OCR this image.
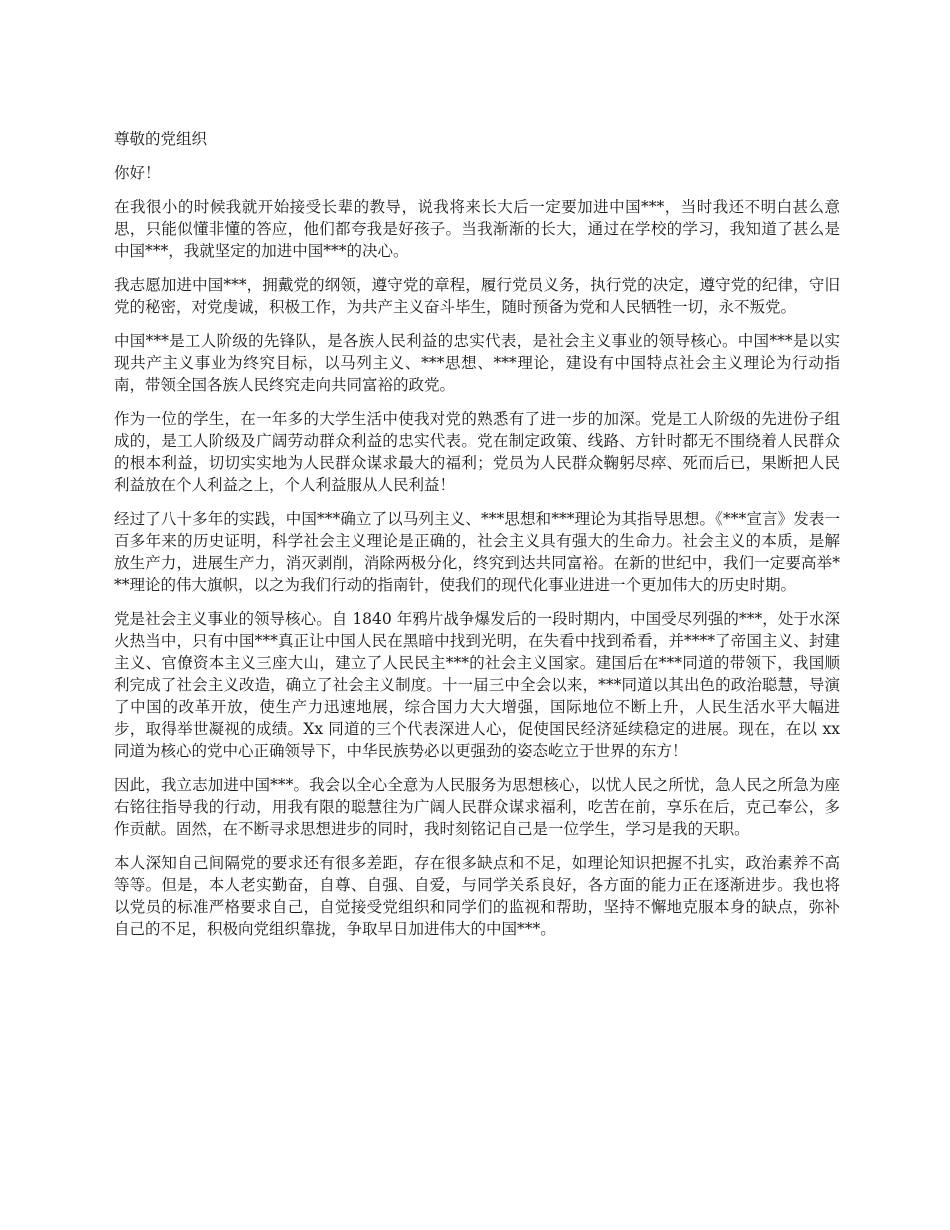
尊敬的党组织

你好！

在我很小的时候我就开始接受长辈的教导，说我将来长大后一定要加进中国***，当时我还不明白甚么意思，只能似懂非懂的答应，他们都夸我是好孩子。当我渐渐的长大，通过在学校的学习，我知道了甚么是中国***，我就坚定的加进中国***的决心。

我志愿加进中国***，拥戴党的纲领，遵守党的章程，履行党员义务，执行党的决定，遵守党的纪律，守旧党的秘密，对党虔诚，积极工作，为共产主义奋斗毕生，随时预备为党和人民牺牲一切，永不叛党。

中国***是工人阶级的先锋队，是各族人民利益的忠实代表，是社会主义事业的领导核心。中国***是以实现共产主义事业为终究目标，以马列主义、***思想、***理论，建设有中国特点社会主义理论为行动指南，带领全国各族人民终究走向共同富裕的政党。

作为一位的学生，在一年多的大学生活中使我对党的熟悉有了进一步的加深。党是工人阶级的先进份子组成的，是工人阶级及广阔劳动群众利益的忠实代表。党在制定政策、线路、方针时都无不围绕着人民群众的根本利益，切切实实地为人民群众谋求最大的福利；党员为人民群众鞠躬尽瘁、死而后已，果断把人民利益放在个人利益之上，个人利益服从人民利益！

经过了八十多年的实践，中国***确立了以马列主义、***思想和***理论为其指导思想。《***宣言》发表一百多年来的历史证明，科学社会主义理论是正确的，社会主义具有强大的生命力。社会主义的本质，是解放生产力，进展生产力，消灭剥削，消除两极分化，终究到达共同富裕。在新的世纪中，我们一定要高举***理论的伟大旗帜，以之为我们行动的指南针，使我们的现代化事业进进一个更加伟大的历史时期。

党是社会主义事业的领导核心。自 1840 年鸦片战争爆发后的一段时期内，中国受尽列强的***，处于水深火热当中，只有中国***真正让中国人民在黑暗中找到光明，在失看中找到希看，并****了帝国主义、封建主义、官僚资本主义三座大山，建立了人民民主***的社会主义国家。建国后在***同道的带领下，我国顺利完成了社会主义改造，确立了社会主义制度。十一届三中全会以来，***同道以其出色的政治聪慧，导演了中国的改革开放，使生产力迅速地展，综合国力大大增强，国际地位不断上升，人民生活水平大幅进步，取得举世凝视的成绩。Xx 同道的三个代表深进人心，促使国民经济延续稳定的进展。现在，在以 xx 同道为核心的党中心正确领导下，中华民族势必以更强劲的姿态屹立于世界的东方！

因此，我立志加进中国***。我会以全心全意为人民服务为思想核心，以忧人民之所忧，急人民之所急为座右铭往指导我的行动，用我有限的聪慧往为广阔人民群众谋求福利，吃苦在前，享乐在后，克己奉公，多作贡献。固然，在不断寻求思想进步的同时，我时刻铭记自己是一位学生，学习是我的天职。

本人深知自己间隔党的要求还有很多差距，存在很多缺点和不足，如理论知识把握不扎实，政治素养不高等等。但是，本人老实勤奋，自尊、自强、自爱，与同学关系良好，各方面的能力正在逐渐进步。我也将以党员的标准严格要求自己，自觉接受党组织和同学们的监视和帮助，坚持不懈地克服本身的缺点，弥补自己的不足，积极向党组织靠拢，争取早日加进伟大的中国***。
